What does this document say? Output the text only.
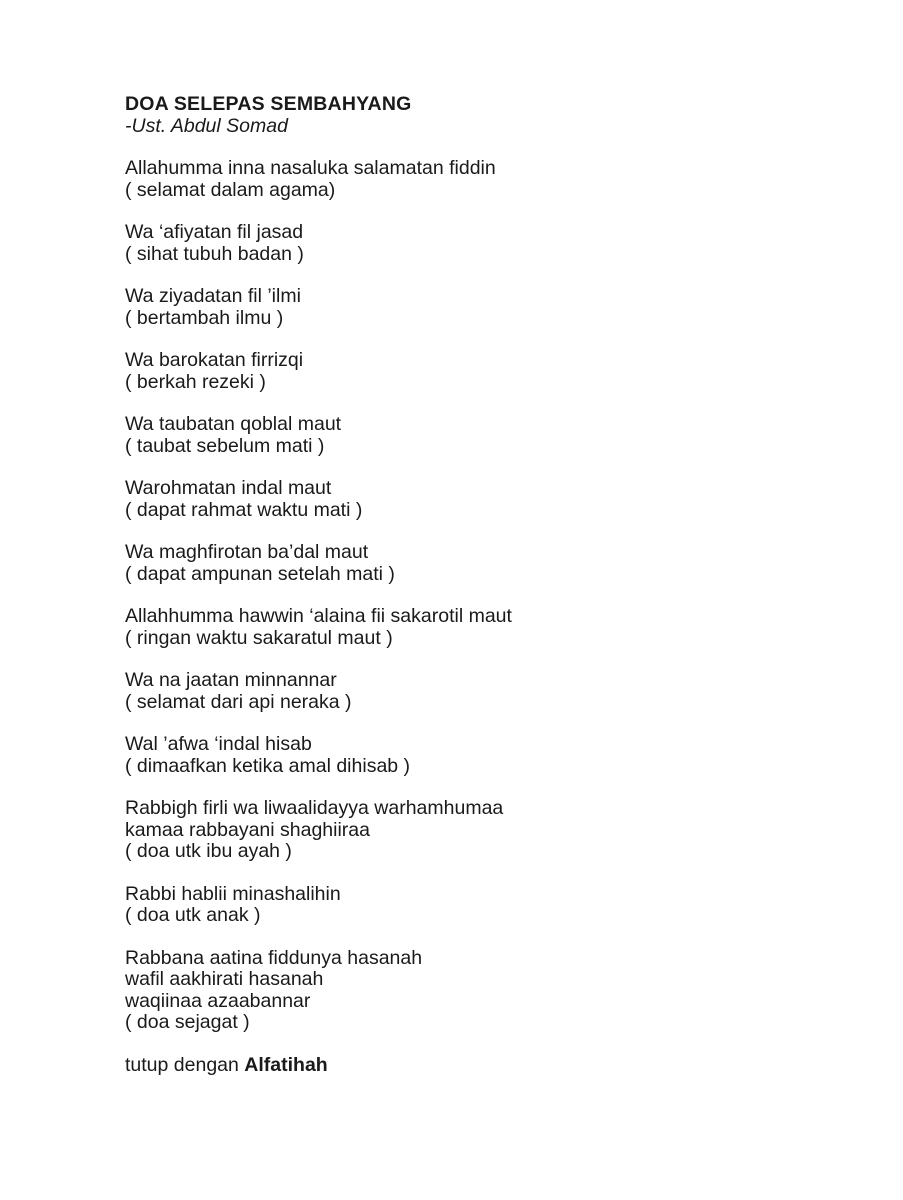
DOA SELEPAS SEMBAHYANG

-Ust. Abdul Somad

Allahumma inna nasaluka salamatan fiddin
( selamat dalam agama)
Wa ‘afiyatan fil jasad
( sihat tubuh badan )
Wa ziyadatan fil ’ilmi
( bertambah ilmu )
Wa barokatan firrizqi
( berkah rezeki )
Wa taubatan qoblal maut
( taubat sebelum mati )
Warohmatan indal maut
( dapat rahmat waktu mati )
Wa maghfirotan ba’dal maut
( dapat ampunan setelah mati )
Allahhumma hawwin ‘alaina fii sakarotil maut
( ringan waktu sakaratul maut )
Wa na jaatan minnannar
( selamat dari api neraka )
Wal ’afwa ‘indal hisab
( dimaafkan ketika amal dihisab )
Rabbigh firli wa liwaalidayya warhamhumaa
kamaa rabbayani shaghiiraa
( doa utk ibu ayah )
Rabbi hablii minashalihin
( doa utk anak )
Rabbana aatina fiddunya hasanah
wafil aakhirati hasanah
waqiinaa azaabannar
( doa sejagat )

tutup dengan Alfatihah
